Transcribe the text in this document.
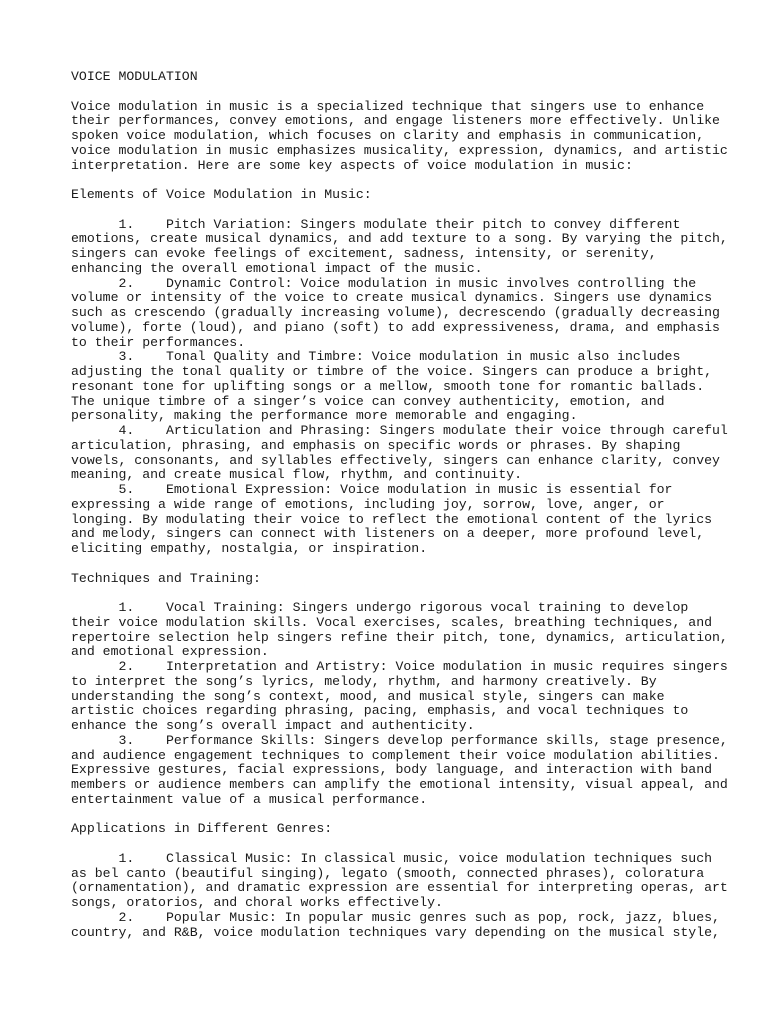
VOICE MODULATION
Voice modulation in music is a specialized technique that singers use to enhance
their performances, convey emotions, and engage listeners more effectively. Unlike
spoken voice modulation, which focuses on clarity and emphasis in communication,
voice modulation in music emphasizes musicality, expression, dynamics, and artistic
interpretation. Here are some key aspects of voice modulation in music:
Elements of Voice Modulation in Music:
1.    Pitch Variation: Singers modulate their pitch to convey different
emotions, create musical dynamics, and add texture to a song. By varying the pitch,
singers can evoke feelings of excitement, sadness, intensity, or serenity,
enhancing the overall emotional impact of the music.
2.    Dynamic Control: Voice modulation in music involves controlling the
volume or intensity of the voice to create musical dynamics. Singers use dynamics
such as crescendo (gradually increasing volume), decrescendo (gradually decreasing
volume), forte (loud), and piano (soft) to add expressiveness, drama, and emphasis
to their performances.
3.    Tonal Quality and Timbre: Voice modulation in music also includes
adjusting the tonal quality or timbre of the voice. Singers can produce a bright,
resonant tone for uplifting songs or a mellow, smooth tone for romantic ballads.
The unique timbre of a singer’s voice can convey authenticity, emotion, and
personality, making the performance more memorable and engaging.
4.    Articulation and Phrasing: Singers modulate their voice through careful
articulation, phrasing, and emphasis on specific words or phrases. By shaping
vowels, consonants, and syllables effectively, singers can enhance clarity, convey
meaning, and create musical flow, rhythm, and continuity.
5.    Emotional Expression: Voice modulation in music is essential for
expressing a wide range of emotions, including joy, sorrow, love, anger, or
longing. By modulating their voice to reflect the emotional content of the lyrics
and melody, singers can connect with listeners on a deeper, more profound level,
eliciting empathy, nostalgia, or inspiration.
Techniques and Training:
1.    Vocal Training: Singers undergo rigorous vocal training to develop
their voice modulation skills. Vocal exercises, scales, breathing techniques, and
repertoire selection help singers refine their pitch, tone, dynamics, articulation,
and emotional expression.
2.    Interpretation and Artistry: Voice modulation in music requires singers
to interpret the song’s lyrics, melody, rhythm, and harmony creatively. By
understanding the song’s context, mood, and musical style, singers can make
artistic choices regarding phrasing, pacing, emphasis, and vocal techniques to
enhance the song’s overall impact and authenticity.
3.    Performance Skills: Singers develop performance skills, stage presence,
and audience engagement techniques to complement their voice modulation abilities.
Expressive gestures, facial expressions, body language, and interaction with band
members or audience members can amplify the emotional intensity, visual appeal, and
entertainment value of a musical performance.
Applications in Different Genres:
1.    Classical Music: In classical music, voice modulation techniques such
as bel canto (beautiful singing), legato (smooth, connected phrases), coloratura
(ornamentation), and dramatic expression are essential for interpreting operas, art
songs, oratorios, and choral works effectively.
2.    Popular Music: In popular music genres such as pop, rock, jazz, blues,
country, and R&B, voice modulation techniques vary depending on the musical style,
